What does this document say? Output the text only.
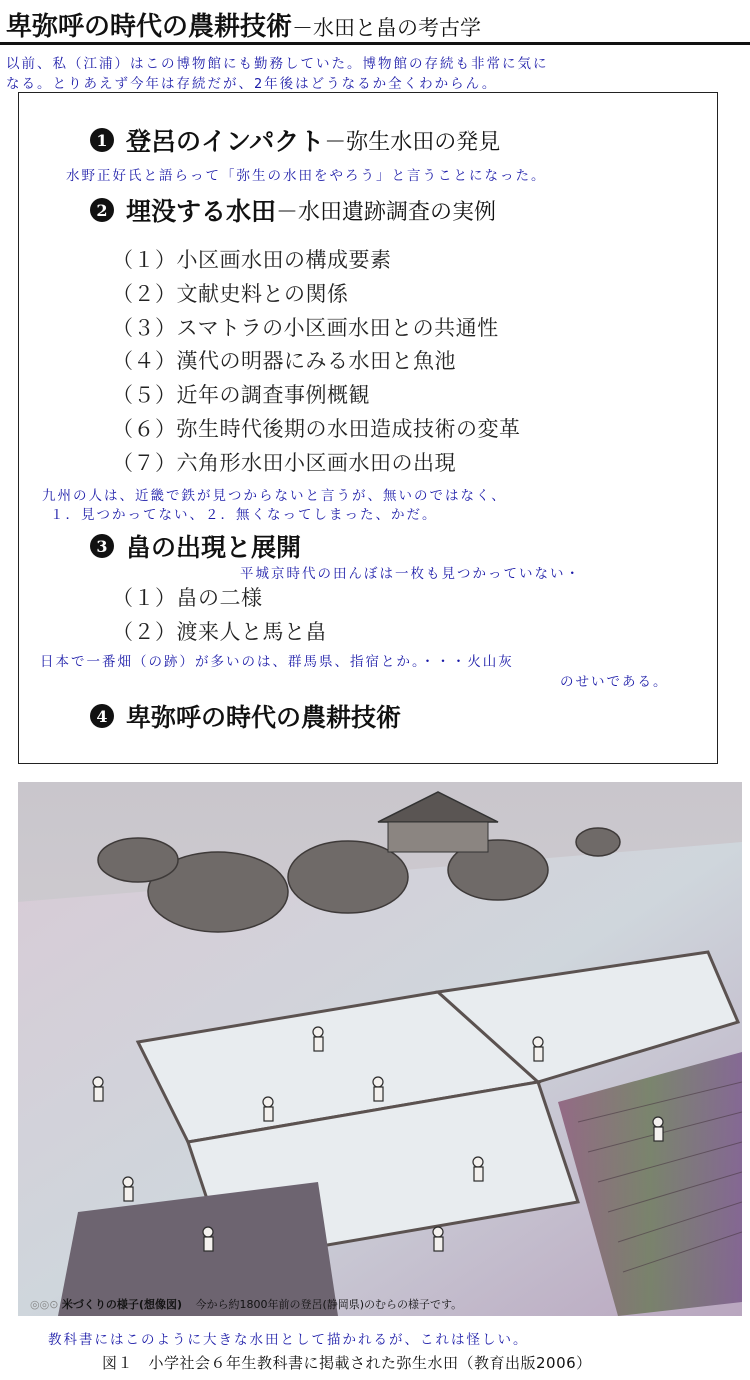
卑弥呼の時代の農耕技術－水田と畠の考古学
以前、私（江浦）はこの博物館にも勤務していた。博物館の存続も非常に気に
なる。とりあえず今年は存続だが、2年後はどうなるか全くわからん。
1 登呂のインパクト －弥生水田の発見
水野正好氏と語らって「弥生の水田をやろう」と言うことになった。
2 埋没する水田 －水田遺跡調査の実例
（１）小区画水田の構成要素
（２）文献史料との関係
（３）スマトラの小区画水田との共通性
（４）漢代の明器にみる水田と魚池
（５）近年の調査事例概観
（６）弥生時代後期の水田造成技術の変革
（７）六角形水田小区画水田の出現
九州の人は、近畿で鉄が見つからないと言うが、無いのではなく、
１．見つかってない、２．無くなってしまった、かだ。
3 畠の出現と展開
平城京時代の田んぼは一枚も見つかっていない・
（１）畠の二様
（２）渡来人と馬と畠
日本で一番畑（の跡）が多いのは、群馬県、指宿とか。・・・火山灰
のせいである。
4 卑弥呼の時代の農耕技術
◎◎⊙ 米づくりの様子(想像図) 今から約1800年前の登呂(静岡県)のむらの様子です。
教科書にはこのように大きな水田として描かれるが、これは怪しい。
図１　小学社会６年生教科書に掲載された弥生水田（教育出版2006）
